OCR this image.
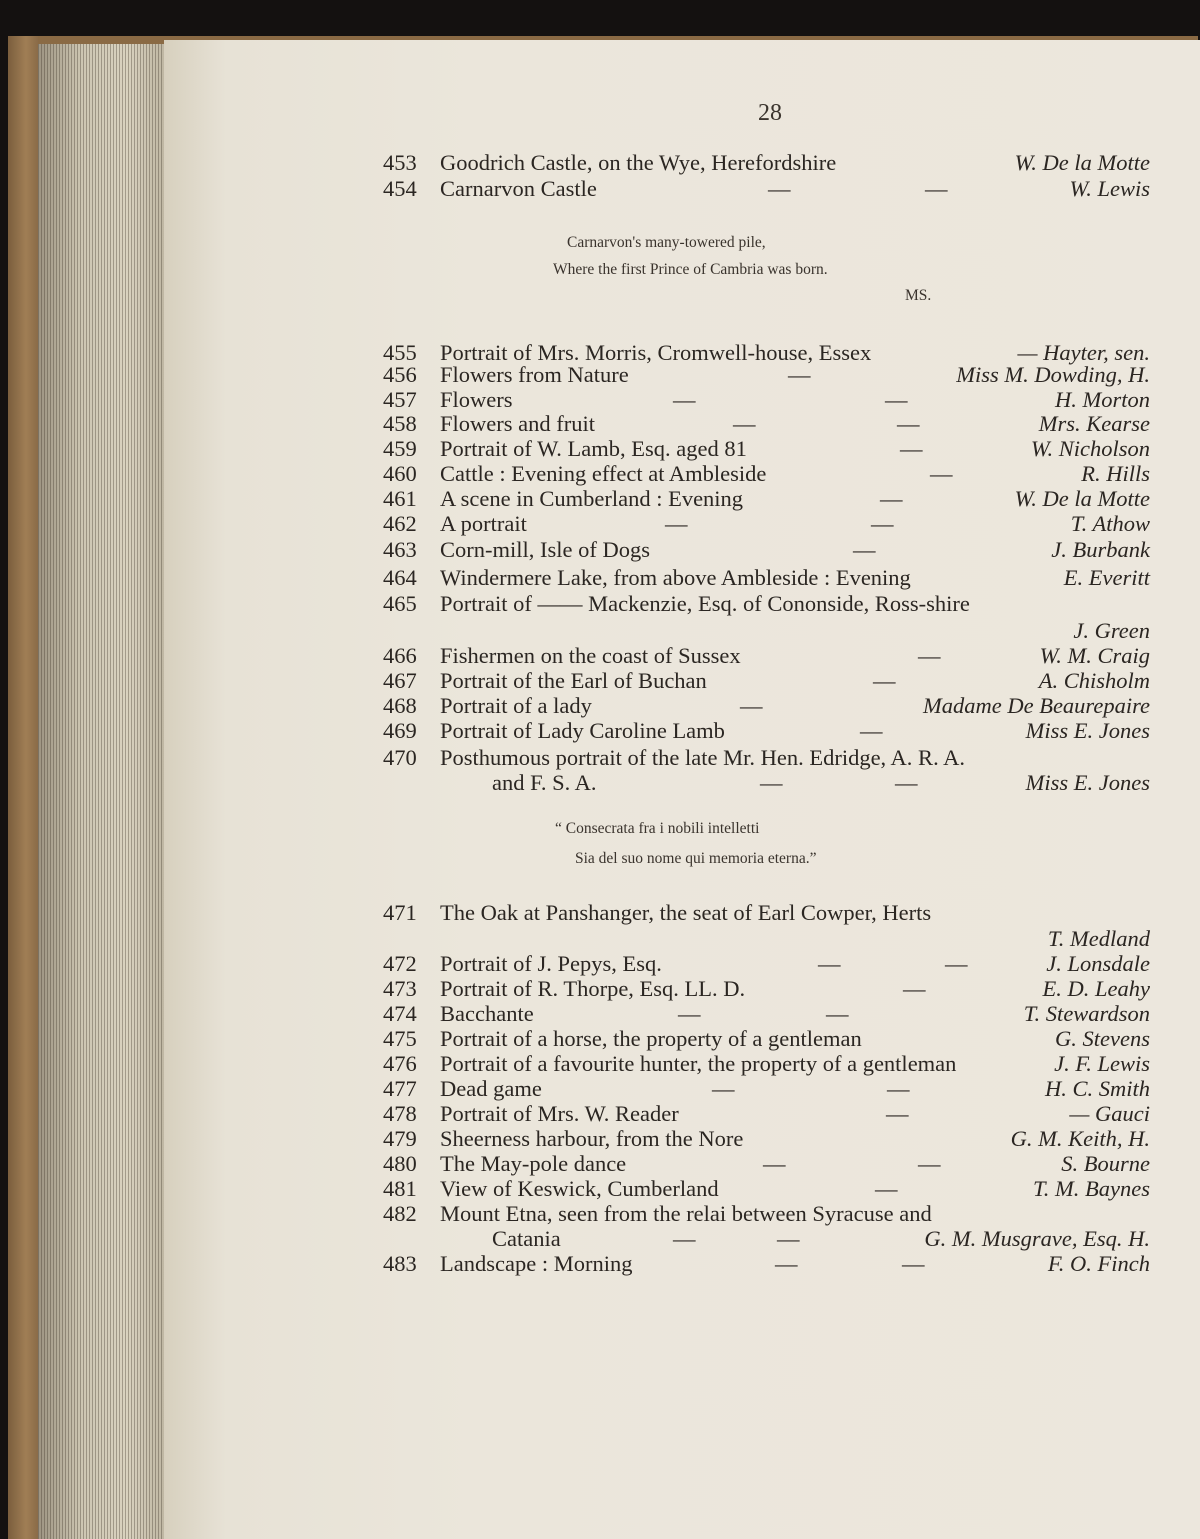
28
453	Goodrich Castle, on the Wye, Herefordshire	W. De la Motte
454	Carnarvon Castle	—	—	W. Lewis
Carnarvon's many-towered pile,
Where the first Prince of Cambria was born.
MS.
455	Portrait of Mrs. Morris, Cromwell-house, Essex	— Hayter, sen.
456	Flowers from Nature	—	Miss M. Dowding, H.
457	Flowers	—	—	H. Morton
458	Flowers and fruit	—	—	Mrs. Kearse
459	Portrait of W. Lamb, Esq. aged 81	—	W. Nicholson
460	Cattle : Evening effect at Ambleside	—	R. Hills
461	A scene in Cumberland : Evening	—	W. De la Motte
462	A portrait	—	—	T. Athow
463	Corn-mill, Isle of Dogs	—	J. Burbank
464	Windermere Lake, from above Ambleside : Evening	E. Everitt
465	Portrait of —— Mackenzie, Esq. of Cononside, Ross-shire
J. Green
466	Fishermen on the coast of Sussex	—	W. M. Craig
467	Portrait of the Earl of Buchan	—	A. Chisholm
468	Portrait of a lady	—	Madame De Beaurepaire
469	Portrait of Lady Caroline Lamb	—	Miss E. Jones
470	Posthumous portrait of the late Mr. Hen. Edridge, A. R. A.
and F. S. A.	—	—	Miss E. Jones
“ Consecrata fra i nobili intelletti
Sia del suo nome qui memoria eterna.”
471	The Oak at Panshanger, the seat of Earl Cowper, Herts
T. Medland
472	Portrait of J. Pepys, Esq.	—	—	J. Lonsdale
473	Portrait of R. Thorpe, Esq. LL. D.	—	E. D. Leahy
474	Bacchante	—	—	T. Stewardson
475	Portrait of a horse, the property of a gentleman	G. Stevens
476	Portrait of a favourite hunter, the property of a gentleman	J. F. Lewis
477	Dead game	—	—	H. C. Smith
478	Portrait of Mrs. W. Reader	—	— Gauci
479	Sheerness harbour, from the Nore	G. M. Keith, H.
480	The May-pole dance	—	—	S. Bourne
481	View of Keswick, Cumberland	—	T. M. Baynes
482	Mount Etna, seen from the relai between Syracuse and
Catania	—	—	G. M. Musgrave, Esq. H.
483	Landscape : Morning	—	—	F. O. Finch
